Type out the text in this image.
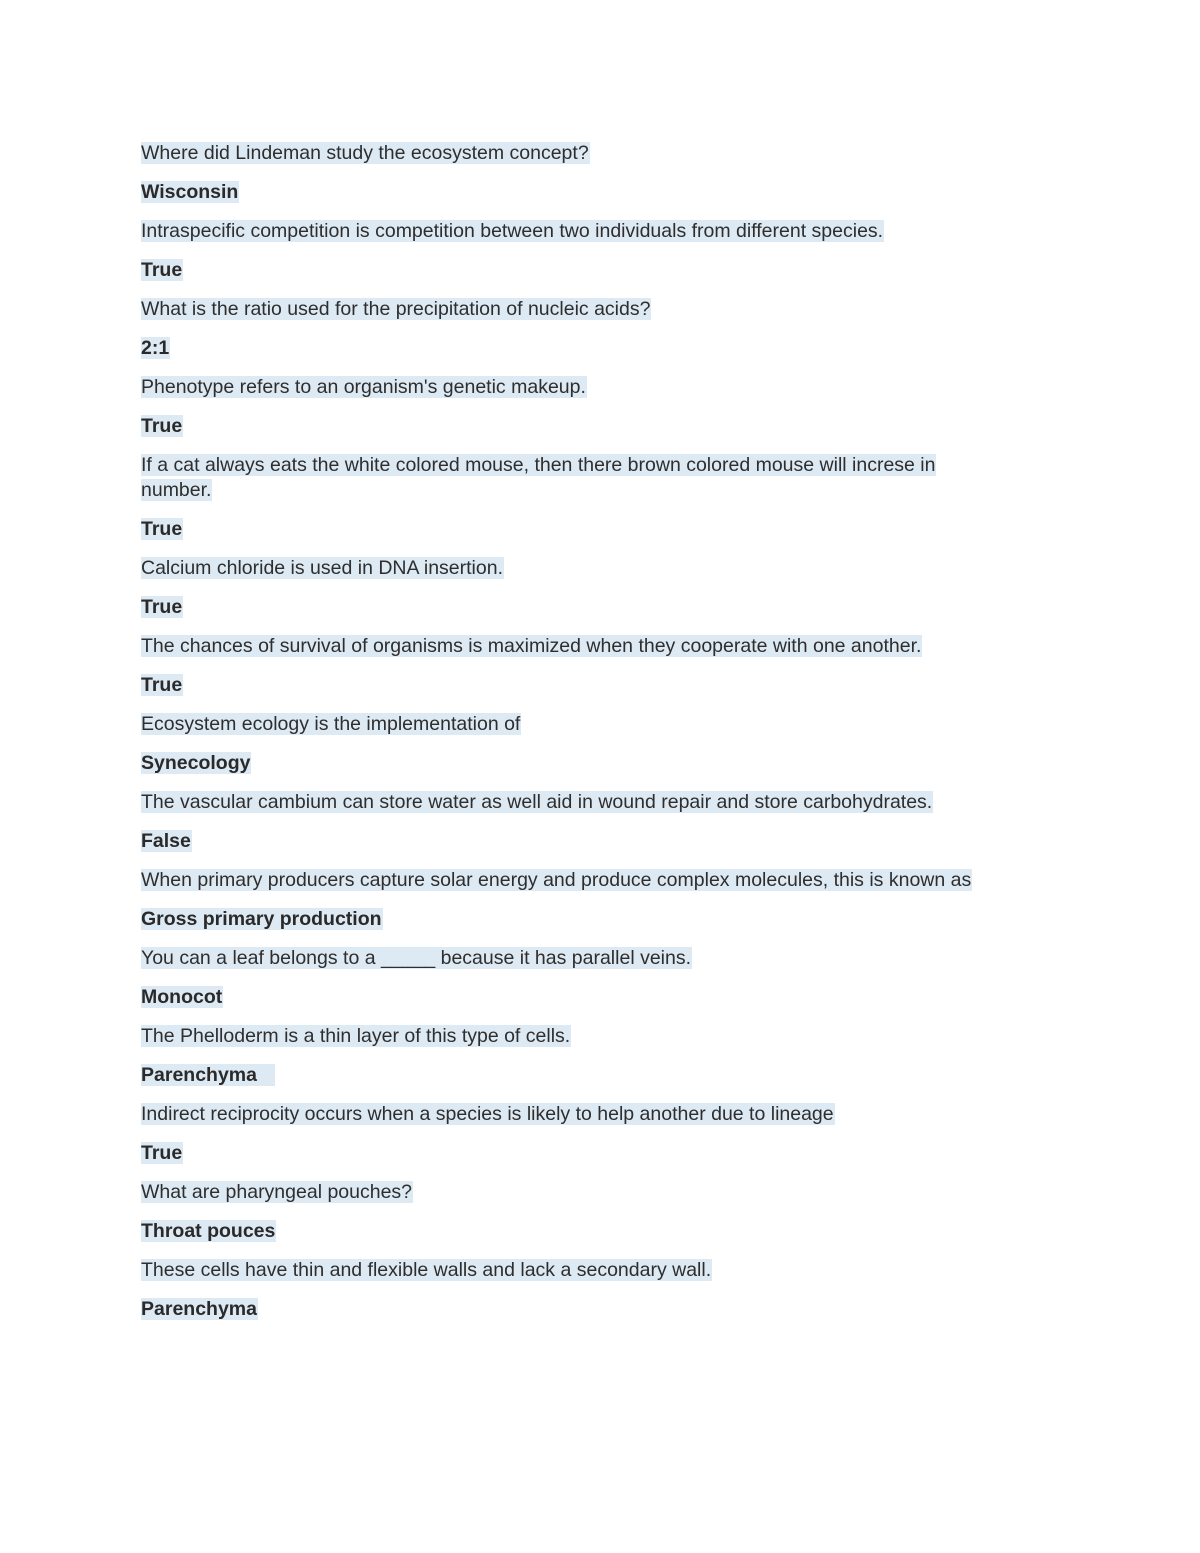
Where did Lindeman study the ecosystem concept?
Wisconsin
Intraspecific competition is competition between two individuals from different species.
True
What is the ratio used for the precipitation of nucleic acids?
2:1
Phenotype refers to an organism's genetic makeup.
True
If a cat always eats the white colored mouse, then there brown colored mouse will increse in number.
True
Calcium chloride is used in DNA insertion.
True
The chances of survival of organisms is maximized when they cooperate with one another.
True
Ecosystem ecology is the implementation of
Synecology
The vascular cambium can store water as well aid in wound repair and store carbohydrates.
False
When primary producers capture solar energy and produce complex molecules, this is known as
Gross primary production
You can a leaf belongs to a _____ because it has parallel veins.
Monocot
The Phelloderm is a thin layer of this type of cells.
Parenchyma
Indirect reciprocity occurs when a species is likely to help another due to lineage
True
What are pharyngeal pouches?
Throat pouces
These cells have thin and flexible walls and lack a secondary wall.
Parenchyma
